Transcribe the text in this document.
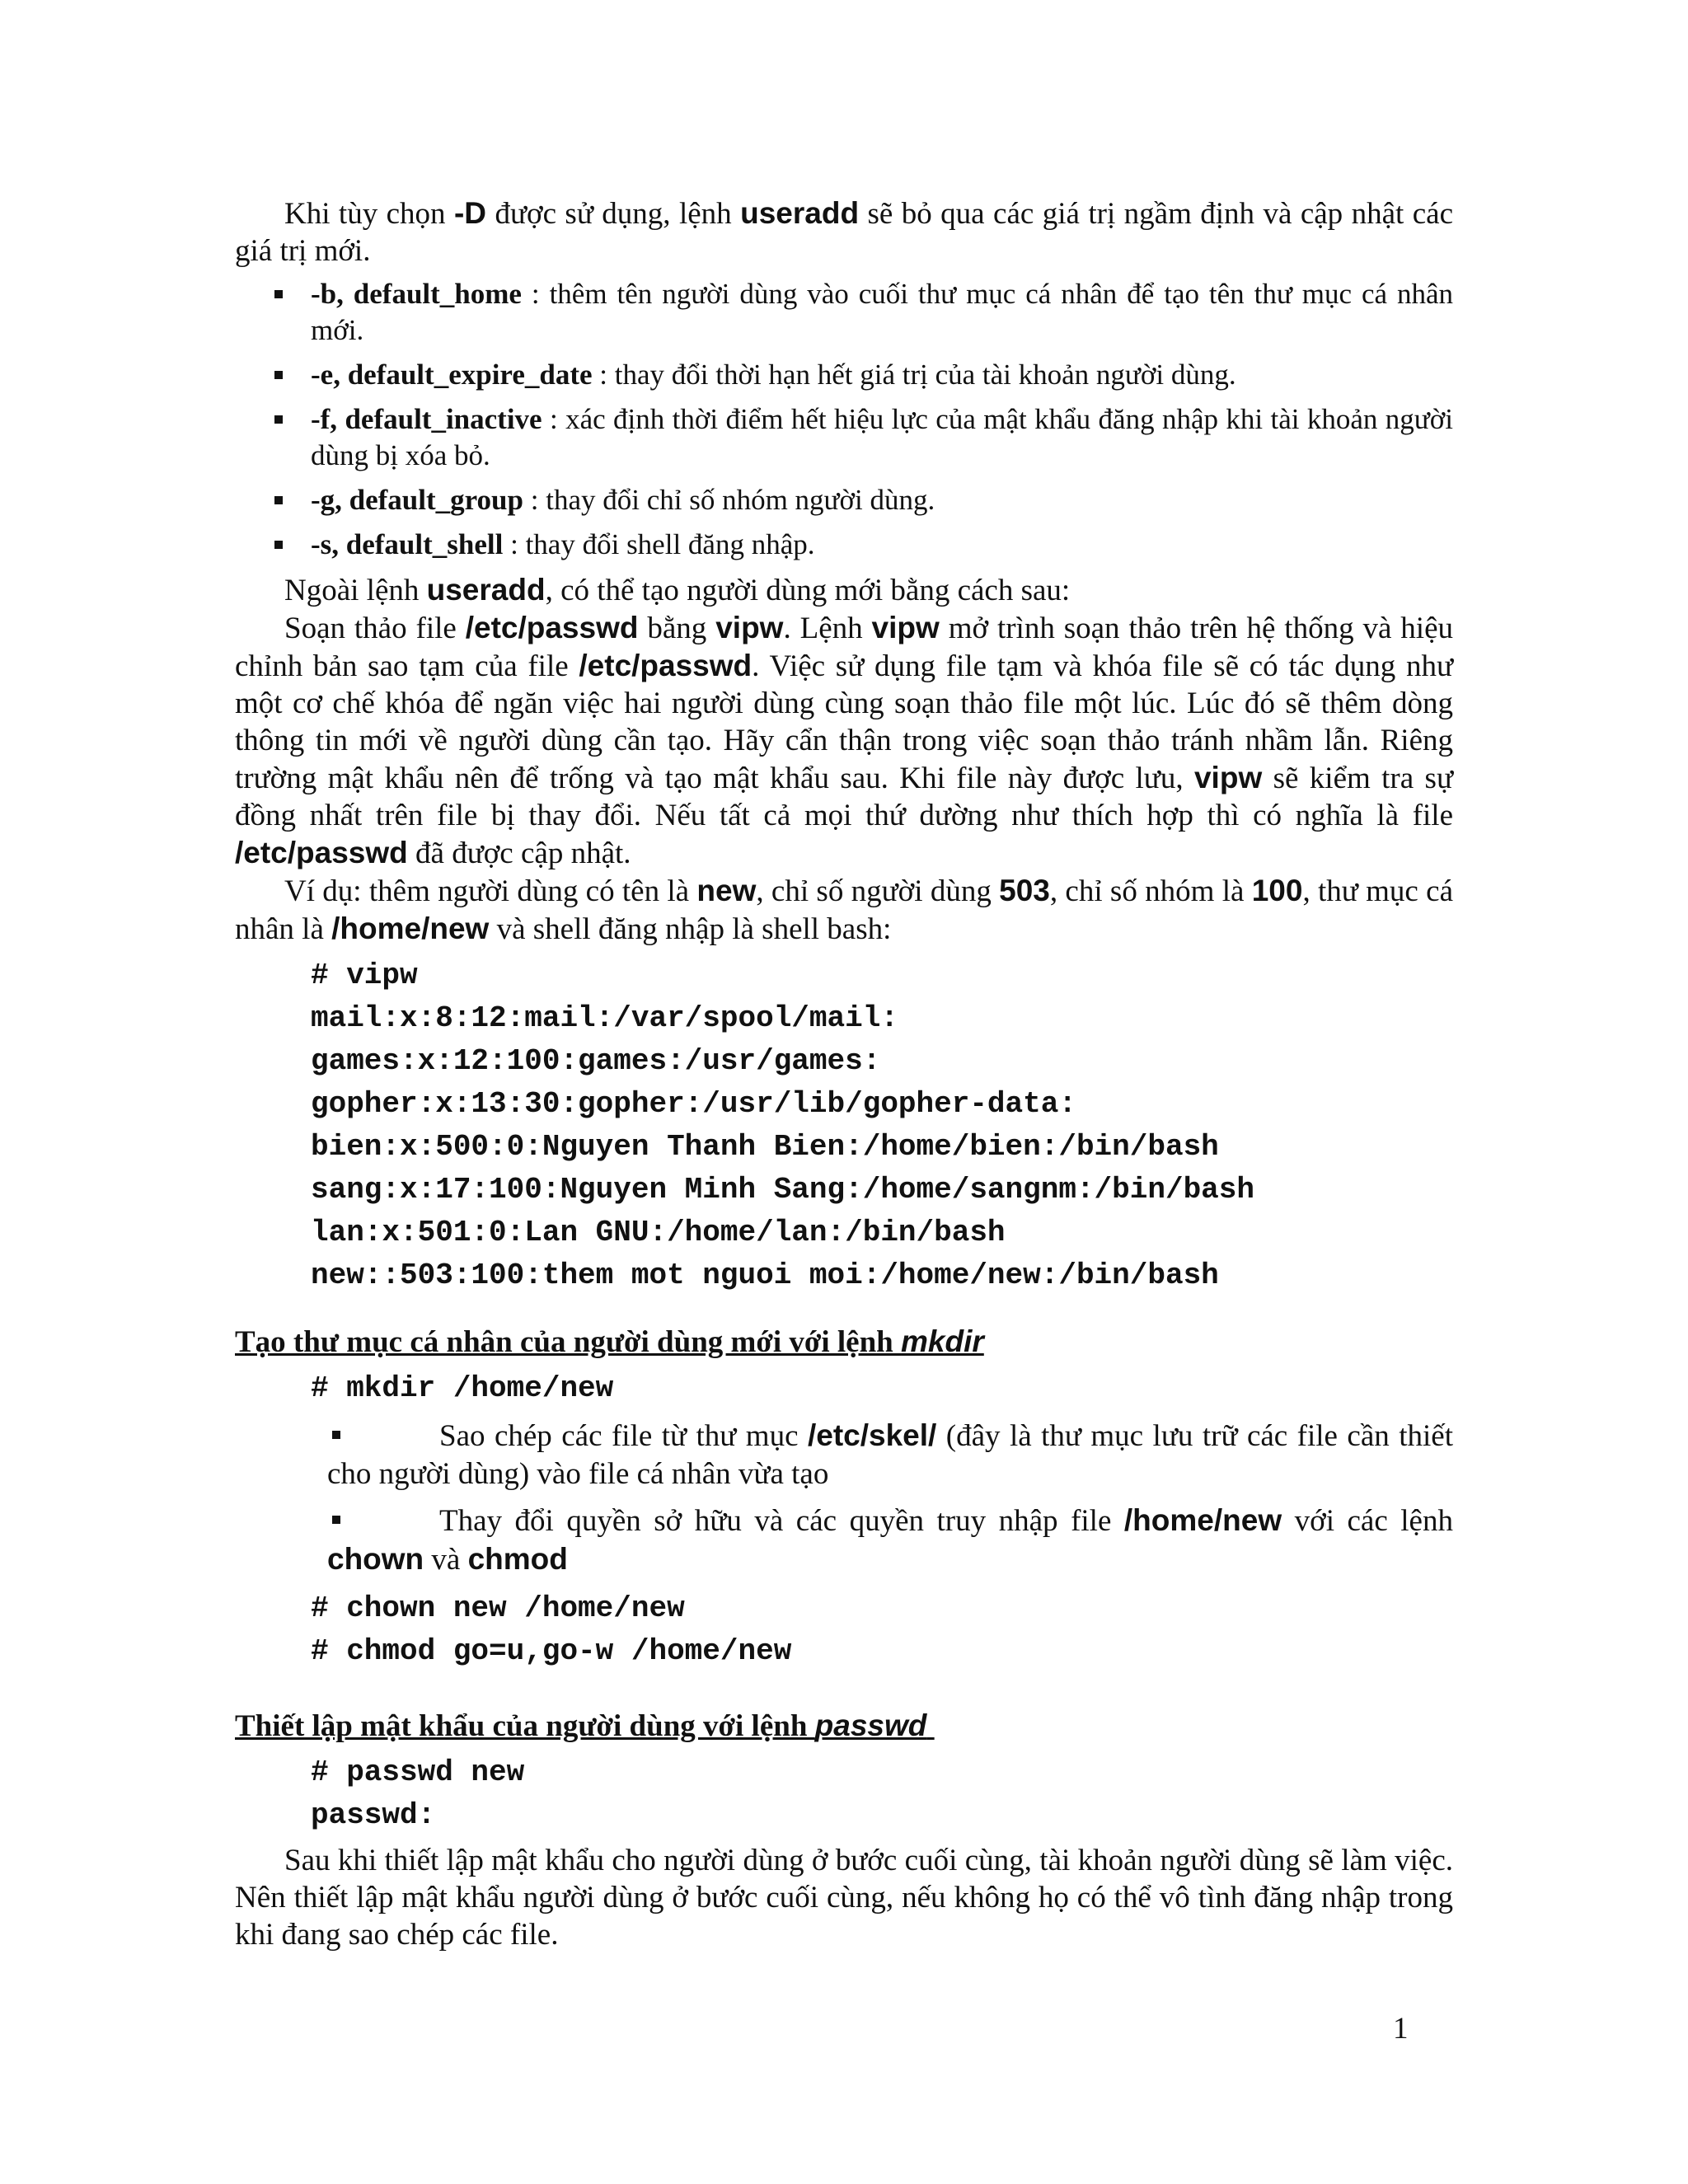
Khi tùy chọn -D được sử dụng, lệnh useradd sẽ bỏ qua các giá trị ngầm định và cập nhật các giá trị mới.

-b, default_home : thêm tên người dùng vào cuối thư mục cá nhân để tạo tên thư mục cá nhân mới.
-e, default_expire_date : thay đổi thời hạn hết giá trị của tài khoản người dùng.
-f, default_inactive : xác định thời điểm hết hiệu lực của mật khẩu đăng nhập khi tài khoản người dùng bị xóa bỏ.
-g, default_group : thay đổi chỉ số nhóm người dùng.
-s, default_shell : thay đổi shell đăng nhập.

Ngoài lệnh useradd, có thể tạo người dùng mới bằng cách sau:

Soạn thảo file /etc/passwd bằng vipw. Lệnh vipw mở trình soạn thảo trên hệ thống và hiệu chỉnh bản sao tạm của file /etc/passwd. Việc sử dụng file tạm và khóa file sẽ có tác dụng như một cơ chế khóa để ngăn việc hai người dùng cùng soạn thảo file một lúc. Lúc đó sẽ thêm dòng thông tin mới về người dùng cần tạo. Hãy cẩn thận trong việc soạn thảo tránh nhầm lẫn. Riêng trường mật khẩu nên để trống và tạo mật khẩu sau. Khi file này được lưu, vipw sẽ kiểm tra sự đồng nhất trên file bị thay đổi. Nếu tất cả mọi thứ dường như thích hợp thì có nghĩa là file /etc/passwd đã được cập nhật.

Ví dụ: thêm người dùng có tên là new, chỉ số người dùng 503, chỉ số nhóm là 100, thư mục cá nhân là /home/new và shell đăng nhập là shell bash:

# vipw
mail:x:8:12:mail:/var/spool/mail:
games:x:12:100:games:/usr/games:
gopher:x:13:30:gopher:/usr/lib/gopher-data:
bien:x:500:0:Nguyen Thanh Bien:/home/bien:/bin/bash
sang:x:17:100:Nguyen Minh Sang:/home/sangnm:/bin/bash
lan:x:501:0:Lan GNU:/home/lan:/bin/bash
new::503:100:them mot nguoi moi:/home/new:/bin/bash
Tạo thư mục cá nhân của người dùng mới với lệnh mkdir
# mkdir /home/new
Sao chép các file từ thư mục /etc/skel/ (đây là thư mục lưu trữ các file cần thiết cho người dùng) vào file cá nhân vừa tạo
Thay đổi quyền sở hữu và các quyền truy nhập file /home/new với các lệnh chown và chmod
# chown new /home/new
# chmod go=u,go-w /home/new
Thiết lập mật khẩu của người dùng với lệnh passwd
# passwd new
passwd:

Sau khi thiết lập mật khẩu cho người dùng ở bước cuối cùng, tài khoản người dùng sẽ làm việc. Nên thiết lập mật khẩu người dùng ở bước cuối cùng, nếu không họ có thể vô tình đăng nhập trong khi đang sao chép các file.

1
